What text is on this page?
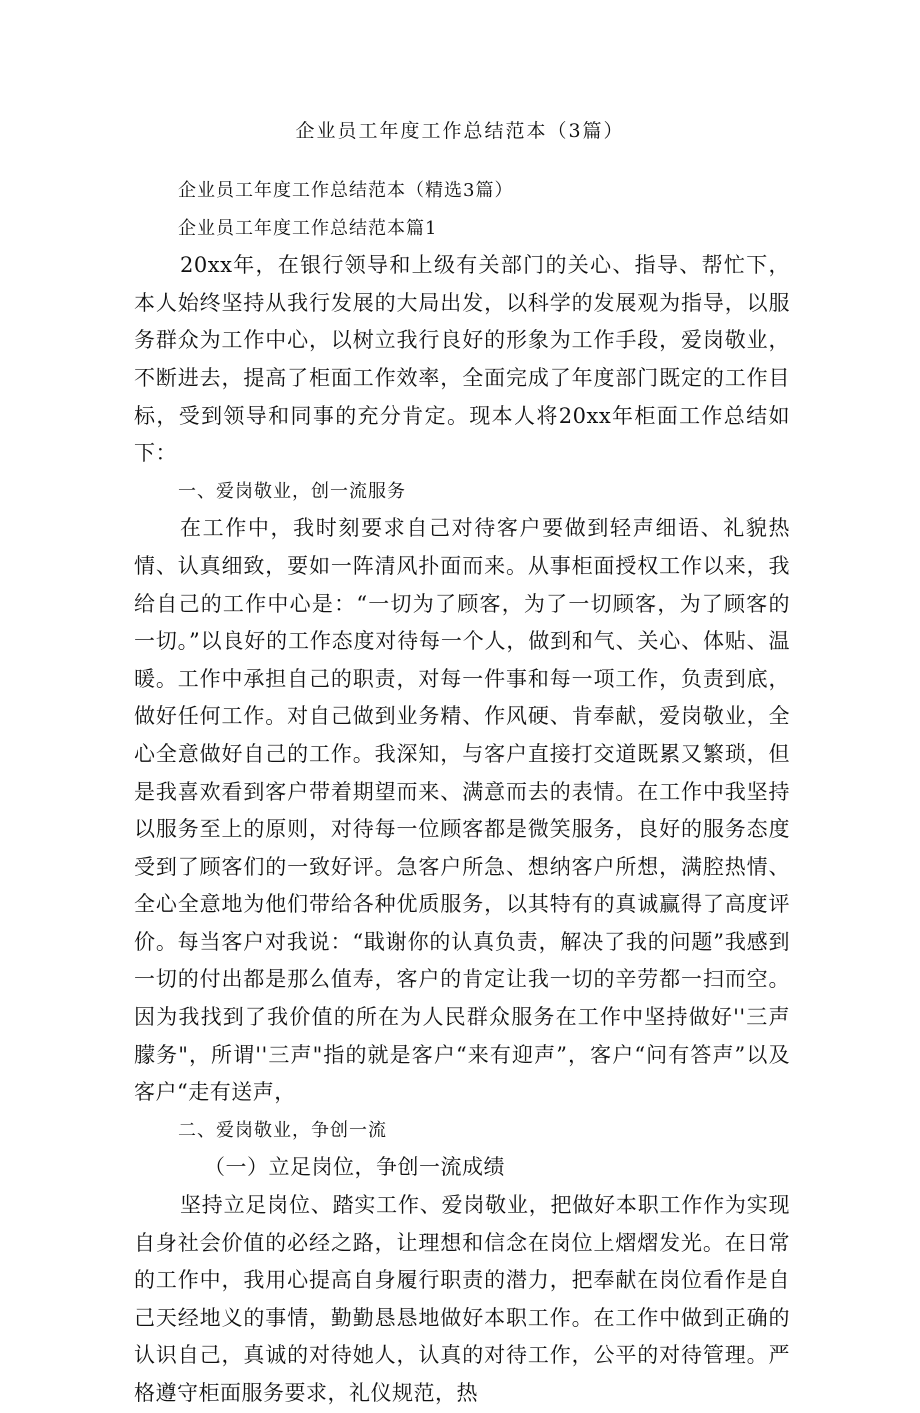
企业员工年度工作总结范本（3篇）

企业员工年度工作总结范本（精选3篇）

企业员工年度工作总结范本篇1

20xx年，在银行领导和上级有关部门的关心、指导、帮忙下，本人始终坚持从我行发展的大局出发，以科学的发展观为指导，以服务群众为工作中心，以树立我行良好的形象为工作手段，爱岗敬业，不断进去，提高了柜面工作效率，全面完成了年度部门既定的工作目标，受到领导和同事的充分肯定。现本人将20xx年柜面工作总结如下：

一、爱岗敬业，创一流服务

在工作中，我时刻要求自己对待客户要做到轻声细语、礼貌热情、认真细致，要如一阵清风扑面而来。从事柜面授权工作以来，我给自己的工作中心是：“一切为了顾客，为了一切顾客，为了顾客的一切。”以良好的工作态度对待每一个人，做到和气、关心、体贴、温暖。工作中承担自己的职责，对每一件事和每一项工作，负责到底，做好任何工作。对自己做到业务精、作风硬、肯奉献，爱岗敬业，全心全意做好自己的工作。我深知，与客户直接打交道既累又繁琐，但是我喜欢看到客户带着期望而来、满意而去的表情。在工作中我坚持以服务至上的原则，对待每一位顾客都是微笑服务，良好的服务态度受到了顾客们的一致好评。急客户所急、想纳客户所想，满腔热情、全心全意地为他们带给各种优质服务，以其特有的真诚赢得了高度评价。每当客户对我说：“戢谢你的认真负责，解决了我的问题”我感到一切的付出都是那么值寿，客户的肯定让我一切的辛劳都一扫而空。因为我找到了我价值的所在为人民群众服务在工作中坚持做好''三声朦务"，所谓''三声"指的就是客户“来有迎声”，客户“问有答声”以及客户“走有送声，

二、爱岗敬业，争创一流

（一）立足岗位，争创一流成绩

坚持立足岗位、踏实工作、爱岗敬业，把做好本职工作作为实现自身社会价值的必经之路，让理想和信念在岗位上熠熠发光。在日常的工作中，我用心提高自身履行职责的潜力，把奉献在岗位看作是自己天经地义的事情，勤勤恳恳地做好本职工作。在工作中做到正确的认识自己，真诚的对待她人，认真的对待工作，公平的对待管理。严格遵守柜面服务要求，礼仪规范，热
